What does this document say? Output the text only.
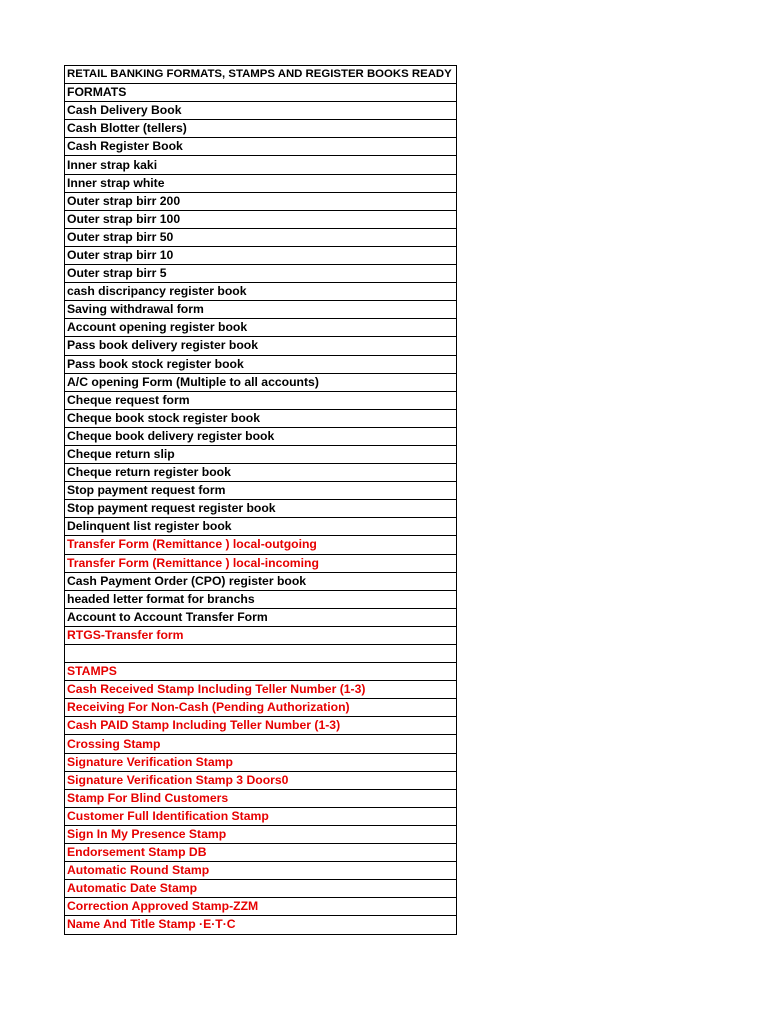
RETAIL BANKING FORMATS, STAMPS AND REGISTER BOOKS READY
FORMATS
Cash Delivery Book
Cash Blotter (tellers)
Cash Register Book
Inner strap kaki
Inner strap white
Outer strap birr 200
Outer strap birr 100
Outer strap birr 50
Outer strap birr 10
Outer strap birr 5
cash discripancy register book
Saving withdrawal form
Account opening register book
Pass book delivery register book
Pass book stock register book
A/C opening Form (Multiple to all accounts)
Cheque request form
Cheque book stock register book
Cheque book delivery register book
Cheque return slip
Cheque return register book
Stop payment request form
Stop payment request register book
Delinquent list register book
Transfer Form (Remittance ) local-outgoing
Transfer Form (Remittance ) local-incoming
Cash Payment Order (CPO) register book
headed letter format for branchs
Account to Account Transfer Form
RTGS-Transfer form

STAMPS
Cash Received Stamp Including Teller Number (1-3)
Receiving For Non-Cash (Pending Authorization)
Cash PAID Stamp Including Teller Number (1-3)
Crossing Stamp
Signature Verification Stamp
Signature Verification Stamp 3 Doors0
Stamp For Blind Customers
Customer Full Identification Stamp
Sign In My Presence Stamp
Endorsement Stamp DB
Automatic Round Stamp
Automatic Date Stamp
Correction Approved Stamp-ZZM
Name And Title Stamp ·E·T·C
